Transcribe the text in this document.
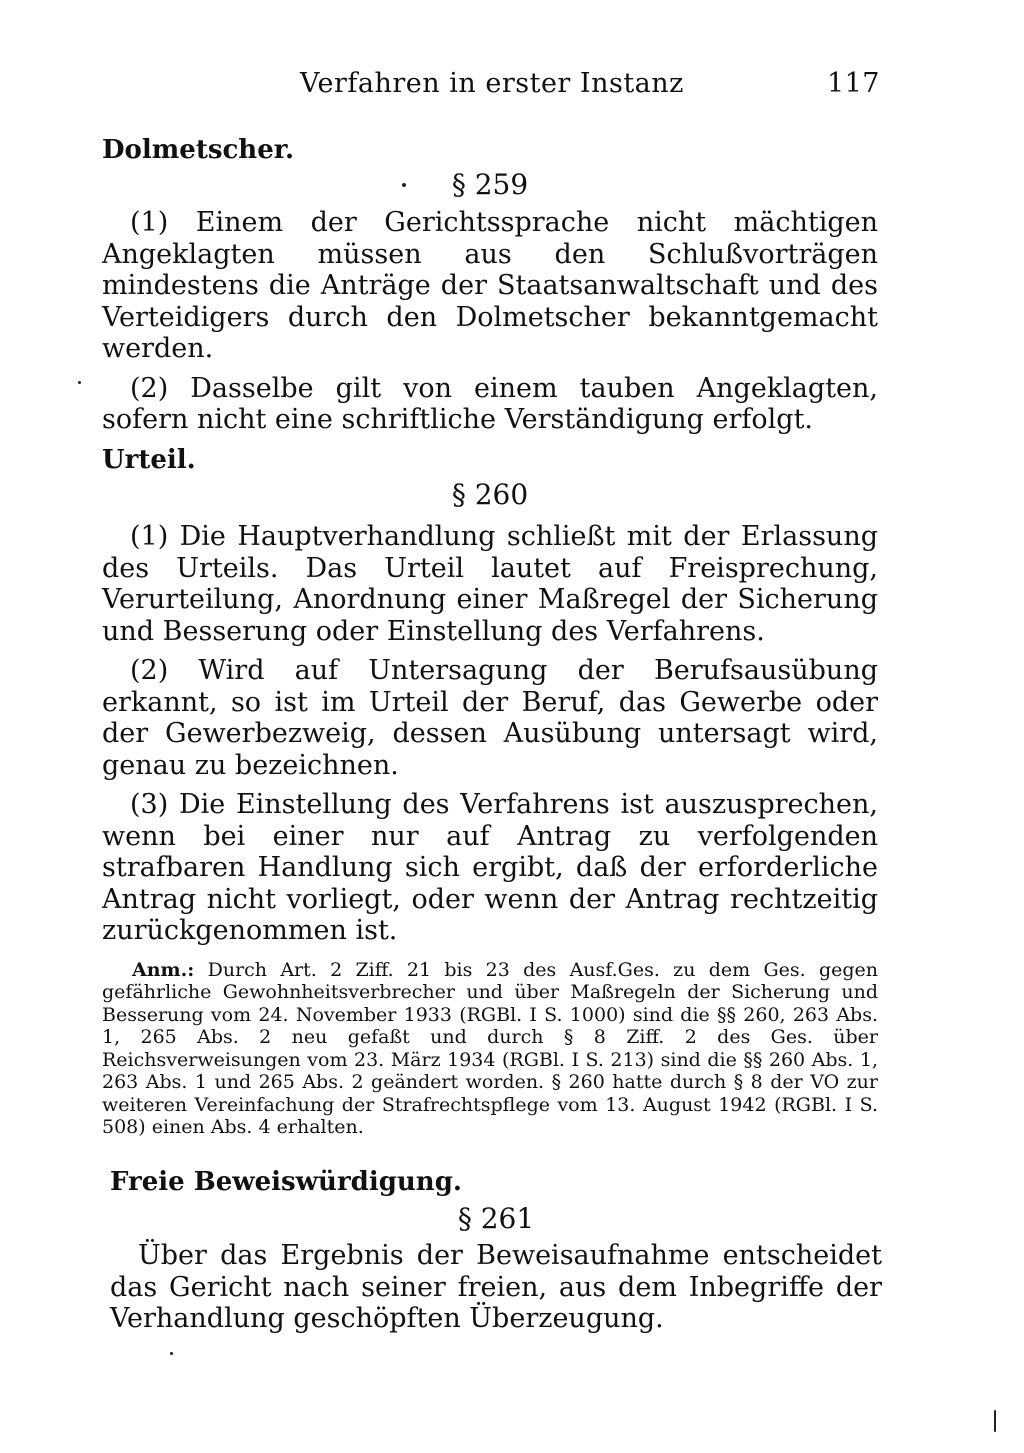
Verfahren in erster Instanz	117

Dolmetscher.

§ 259

(1) Einem der Gerichtssprache nicht mächtigen Angeklagten müssen aus den Schlußvorträgen mindestens die Anträge der Staatsanwaltschaft und des Verteidigers durch den Dolmetscher bekanntgemacht werden.

(2) Dasselbe gilt von einem tauben Angeklagten, sofern nicht eine schriftliche Verständigung erfolgt.

Urteil.

§ 260

(1) Die Hauptverhandlung schließt mit der Erlassung des Urteils. Das Urteil lautet auf Freisprechung, Verurteilung, Anordnung einer Maßregel der Sicherung und Besserung oder Einstellung des Verfahrens.

(2) Wird auf Untersagung der Berufsausübung erkannt, so ist im Urteil der Beruf, das Gewerbe oder der Gewerbezweig, dessen Ausübung untersagt wird, genau zu bezeichnen.

(3) Die Einstellung des Verfahrens ist auszusprechen, wenn bei einer nur auf Antrag zu verfolgenden strafbaren Handlung sich ergibt, daß der erforderliche Antrag nicht vorliegt, oder wenn der Antrag rechtzeitig zurückgenommen ist.

Anm.: Durch Art. 2 Ziff. 21 bis 23 des Ausf.Ges. zu dem Ges. gegen gefährliche Gewohnheitsverbrecher und über Maßregeln der Sicherung und Besserung vom 24. November 1933 (RGBl. I S. 1000) sind die §§ 260, 263 Abs. 1, 265 Abs. 2 neu gefaßt und durch § 8 Ziff. 2 des Ges. über Reichsverweisungen vom 23. März 1934 (RGBl. I S. 213) sind die §§ 260 Abs. 1, 263 Abs. 1 und 265 Abs. 2 geändert worden. § 260 hatte durch § 8 der VO zur weiteren Vereinfachung der Strafrechtspflege vom 13. August 1942 (RGBl. I S. 508) einen Abs. 4 erhalten.

Freie Beweiswürdigung.

§ 261

Über das Ergebnis der Beweisaufnahme entscheidet das Gericht nach seiner freien, aus dem Inbegriffe der Verhandlung geschöpften Überzeugung.
